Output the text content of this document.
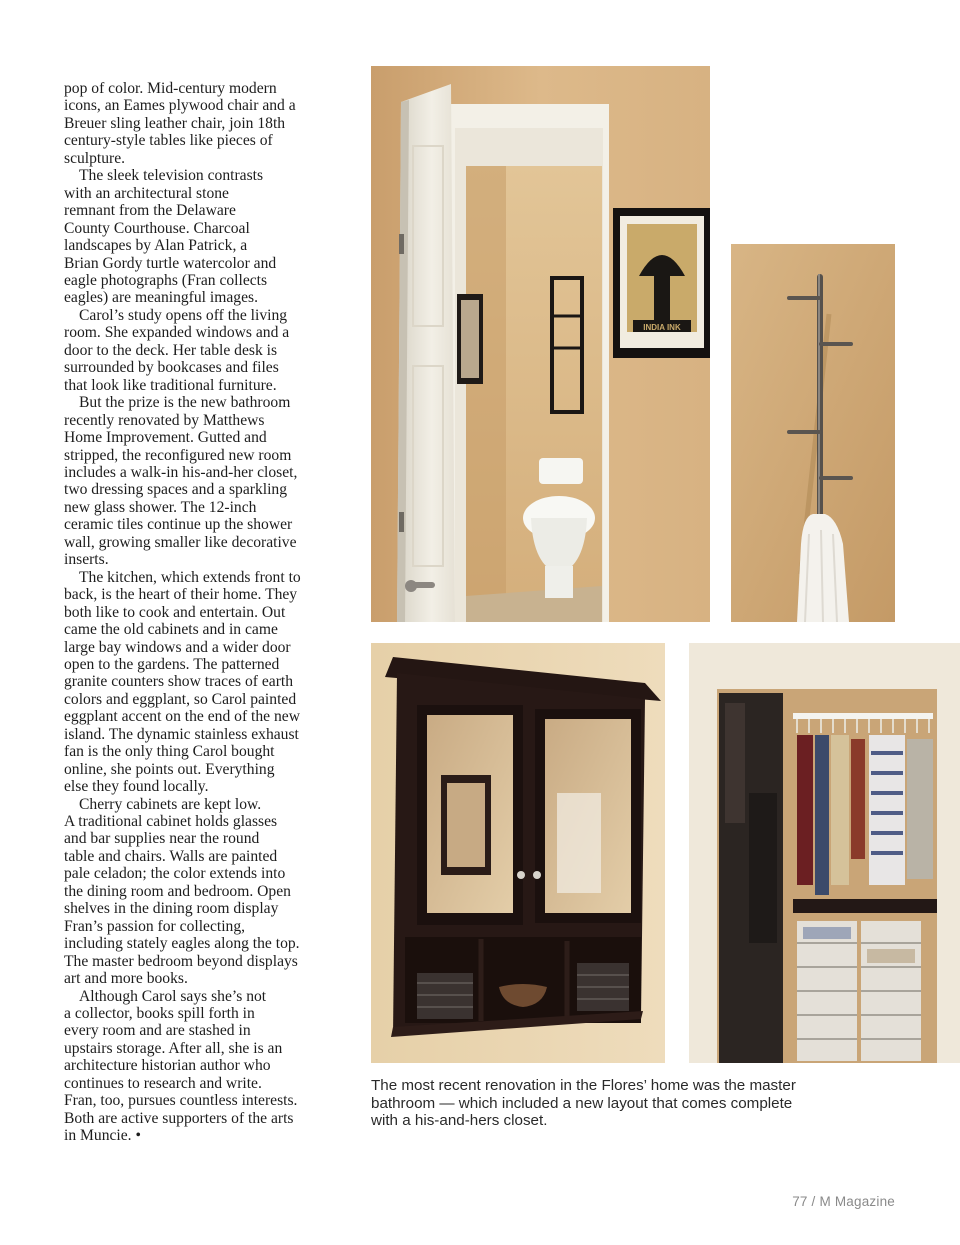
pop of color. Mid-century modern
icons, an Eames plywood chair and a
Breuer sling leather chair, join 18th
century-style tables like pieces of
sculpture.

The sleek television contrasts
with an architectural stone
remnant from the Delaware
County Courthouse. Charcoal
landscapes by Alan Patrick, a
Brian Gordy turtle watercolor and
eagle photographs (Fran collects
eagles) are meaningful images.

Carol’s study opens off the living
room. She expanded windows and a
door to the deck. Her table desk is
surrounded by bookcases and files
that look like traditional furniture.

But the prize is the new bathroom
recently renovated by Matthews
Home Improvement. Gutted and
stripped, the reconfigured new room
includes a walk-in his-and-her closet,
two dressing spaces and a sparkling
new glass shower. The 12-inch
ceramic tiles continue up the shower
wall, growing smaller like decorative
inserts.

The kitchen, which extends front to
back, is the heart of their home. They
both like to cook and entertain. Out
came the old cabinets and in came
large bay windows and a wider door
open to the gardens. The patterned
granite counters show traces of earth
colors and eggplant, so Carol painted
eggplant accent on the end of the new
island. The dynamic stainless exhaust
fan is the only thing Carol bought
online, she points out. Everything
else they found locally.

Cherry cabinets are kept low.
A traditional cabinet holds glasses
and bar supplies near the round
table and chairs. Walls are painted
pale celadon; the color extends into
the dining room and bedroom. Open
shelves in the dining room display
Fran’s passion for collecting,
including stately eagles along the top.
The master bedroom beyond displays
art and more books.

Although Carol says she’s not
a collector, books spill forth in
every room and are stashed in
upstairs storage. After all, she is an
architecture historian author who
continues to research and write.
Fran, too, pursues countless interests.
Both are active supporters of the arts
in Muncie. •

INDIA INK
The most recent renovation in the Flores’ home was the master
bathroom — which included a new layout that comes complete
with a his-and-hers closet.
77 / M Magazine
